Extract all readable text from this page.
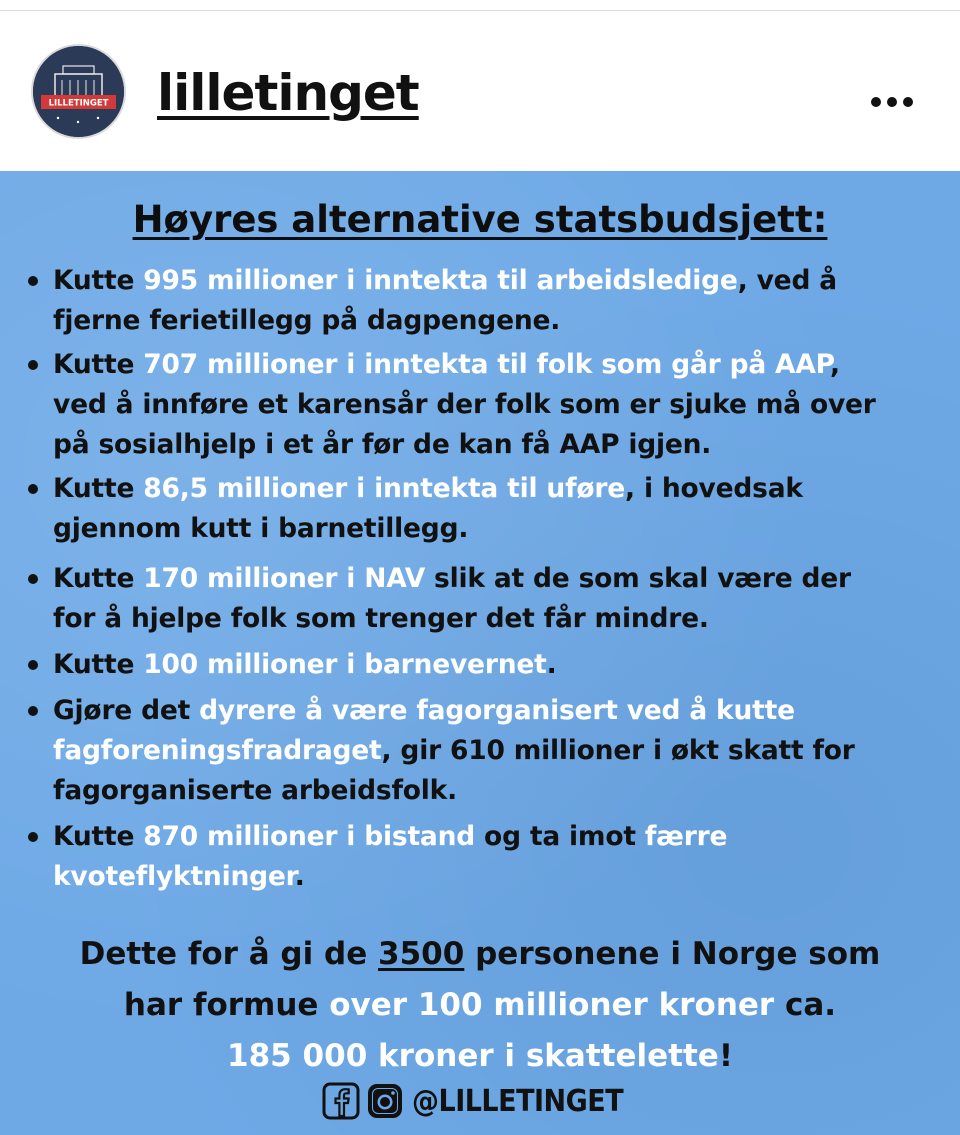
LILLETINGET lilleting​et
Høyres alternative statsbudsjett:
Kutte 995 millioner i inntekta til arbeidsledige, ved å
fjerne ferietillegg på dagpengene.
Kutte 707 millioner i inntekta til folk som går på AAP,
ved å innføre et karensår der folk som er sjuke må over
på sosialhjelp i et år før de kan få AAP igjen.
Kutte 86,5 millioner i inntekta til uføre, i hovedsak
gjennom kutt i barnetillegg.
Kutte 170 millioner i NAV slik at de som skal være der
for å hjelpe folk som trenger det får mindre.
Kutte 100 millioner i barnevernet.
Gjøre det dyrere å være fagorganisert ved å kutte
fagforeningsfradraget, gir 610 millioner i økt skatt for
fagorganiserte arbeidsfolk.
Kutte 870 millioner i bistand og ta imot færre
kvoteflyktninger.
Dette for å gi de 3500 personene i Norge som
har formue over 100 millioner kroner ca.
185 000 kroner i skattelette!
@LILLETINGET
